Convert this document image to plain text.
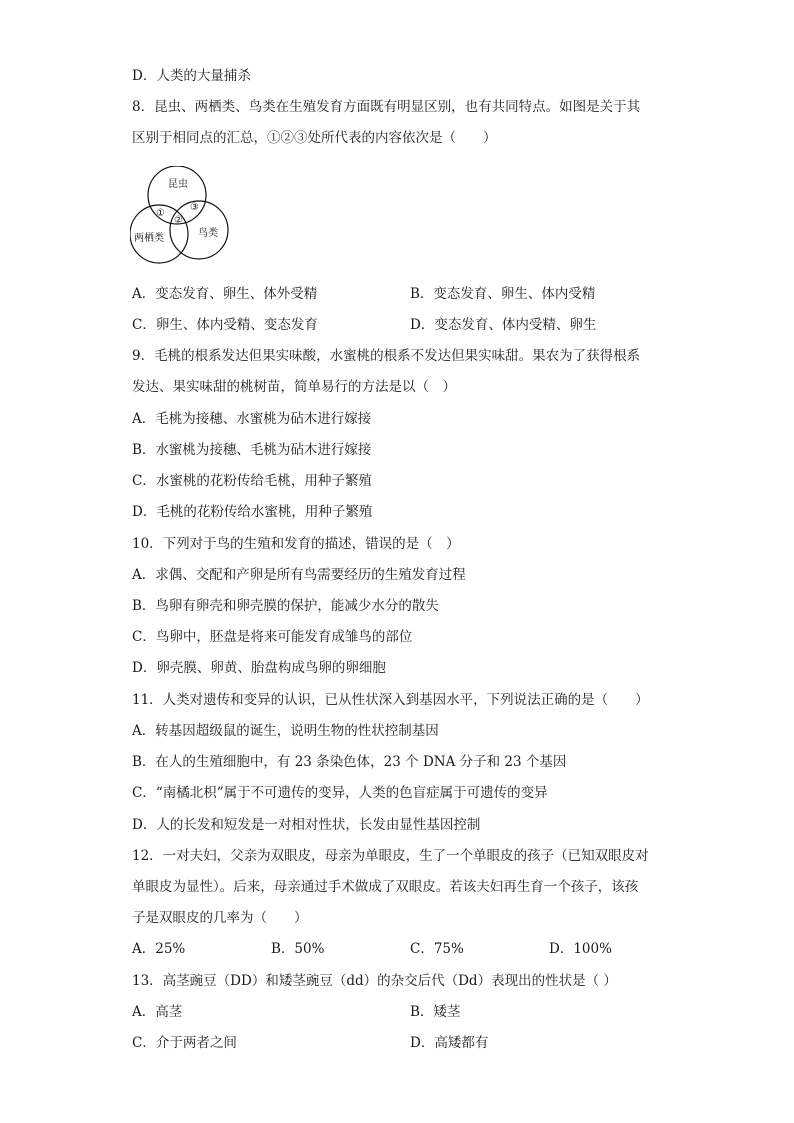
D．人类的大量捕杀
8．昆虫、两栖类、鸟类在生殖发育方面既有明显区别，也有共同特点。如图是关于其
区别于相同点的汇总，①②③处所代表的内容依次是（　　）
昆虫
两栖类	鸟类
①
②
③
A．变态发育、卵生、体外受精	B．变态发育、卵生、体内受精
C．卵生、体内受精、变态发育	D．变态发育、体内受精、卵生
9．毛桃的根系发达但果实味酸，水蜜桃的根系不发达但果实味甜。果农为了获得根系
发达、果实味甜的桃树苗，简单易行的方法是以（　）
A．毛桃为接穗、水蜜桃为砧木进行嫁接
B．水蜜桃为接穗、毛桃为砧木进行嫁接
C．水蜜桃的花粉传给毛桃，用种子繁殖
D．毛桃的花粉传给水蜜桃，用种子繁殖
10．下列对于鸟的生殖和发育的描述，错误的是（　）
A．求偶、交配和产卵是所有鸟需要经历的生殖发育过程
B．鸟卵有卵壳和卵壳膜的保护，能减少水分的散失
C．鸟卵中，胚盘是将来可能发育成雏鸟的部位
D．卵壳膜、卵黄、胎盘构成鸟卵的卵细胞
11．人类对遗传和变异的认识，已从性状深入到基因水平，下列说法正确的是（　　）
A．转基因超级鼠的诞生，说明生物的性状控制基因
B．在人的生殖细胞中，有 23 条染色体，23 个 DNA 分子和 23 个基因
C．“南橘北枳”属于不可遗传的变异，人类的色盲症属于可遗传的变异
D．人的长发和短发是一对相对性状，长发由显性基因控制
12．一对夫妇，父亲为双眼皮，母亲为单眼皮，生了一个单眼皮的孩子（已知双眼皮对
单眼皮为显性）。后来，母亲通过手术做成了双眼皮。若该夫妇再生育一个孩子，该孩
子是双眼皮的几率为（　　）
A．25%	B．50%	C．75%	D．100%
13．高茎豌豆（DD）和矮茎豌豆（dd）的杂交后代（Dd）表现出的性状是（ ）
A．高茎	B．矮茎
C．介于两者之间	D．高矮都有
